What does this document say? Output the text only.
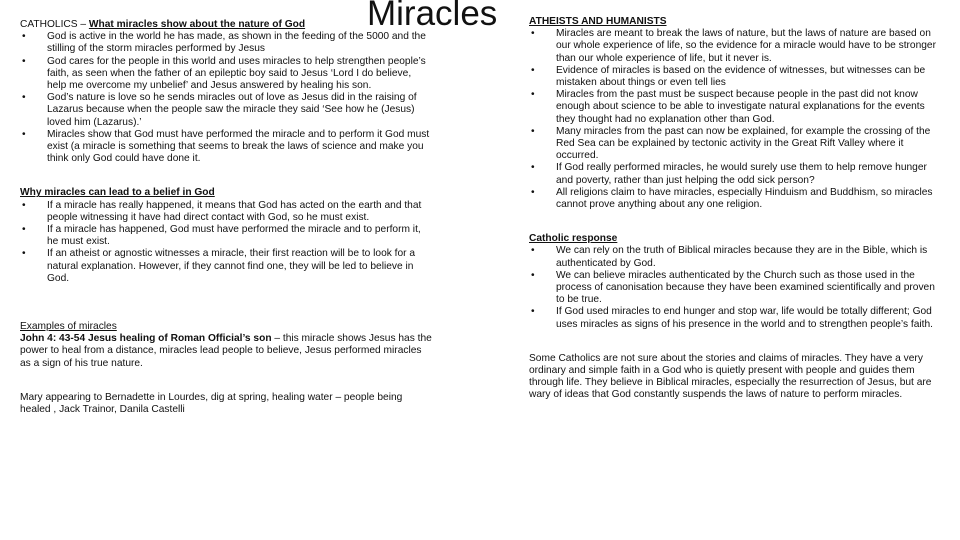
Miracles

CATHOLICS – What miracles show about the nature of God

• God is active in the world he has made, as shown in the feeding of the 5000 and the stilling of the storm miracles performed by Jesus
• God cares for the people in this world and uses miracles to help strengthen people’s faith, as seen when the father of an epileptic boy said to Jesus ‘Lord I do believe, help me overcome my unbelief’ and Jesus answered by healing his son.
• God’s nature is love so he sends miracles out of love as Jesus did in the raising of Lazarus because when the people saw the miracle they said ‘See how he (Jesus) loved him (Lazarus).’
• Miracles show that God must have performed the miracle and to perform it God must exist (a miracle is something that seems to break the laws of science and make you think only God could have done it.

Why miracles can lead to a belief in God

• If a miracle has really happened, it means that God has acted on the earth and that people witnessing it have had direct contact with God, so he must exist.
• If a miracle has happened, God must have performed the miracle and to perform it, he must exist.
• If an atheist or agnostic witnesses a miracle, their first reaction will be to look for a natural explanation. However, if they cannot find one, they will be led to believe in God.

Examples of miracles

John 4: 43-54 Jesus healing of Roman Official’s son – this miracle shows Jesus has the power to heal from a distance, miracles lead people to believe, Jesus performed miracles as a sign of his true nature.

Mary appearing to Bernadette in Lourdes, dig at spring, healing water – people being healed , Jack Trainor, Danila Castelli

ATHEISTS AND HUMANISTS

• Miracles are meant to break the laws of nature, but the laws of nature are based on our whole experience of life, so the evidence for a miracle would have to be stronger than our whole experience of life, but it never is.
• Evidence of miracles is based on the evidence of witnesses, but witnesses can be mistaken about things or even tell lies
• Miracles from the past must be suspect because people in the past did not know enough about science to be able to investigate natural explanations for the events they thought had no explanation other than God.
• Many miracles from the past can now be explained, for example the crossing of the Red Sea can be explained by tectonic activity in the Great Rift Valley where it occurred.
• If God really performed miracles, he would surely use them to help remove hunger and poverty, rather than just helping the odd sick person?
• All religions claim to have miracles, especially Hinduism and Buddhism, so miracles cannot prove anything about any one religion.

Catholic response

• We can rely on the truth of Biblical miracles because they are in the Bible, which is authenticated by God.
• We can believe miracles authenticated by the Church such as those used in the process of canonisation because they have been examined scientifically and proven to be true.
• If God used miracles to end hunger and stop war, life would be totally different; God uses miracles as signs of his presence in the world and to strengthen people’s faith.

Some Catholics are not sure about the stories and claims of miracles. They have a very ordinary and simple faith in a God who is quietly present with people and guides them through life. They believe in Biblical miracles, especially the resurrection of Jesus, but are wary of ideas that God constantly suspends the laws of nature to perform miracles.
